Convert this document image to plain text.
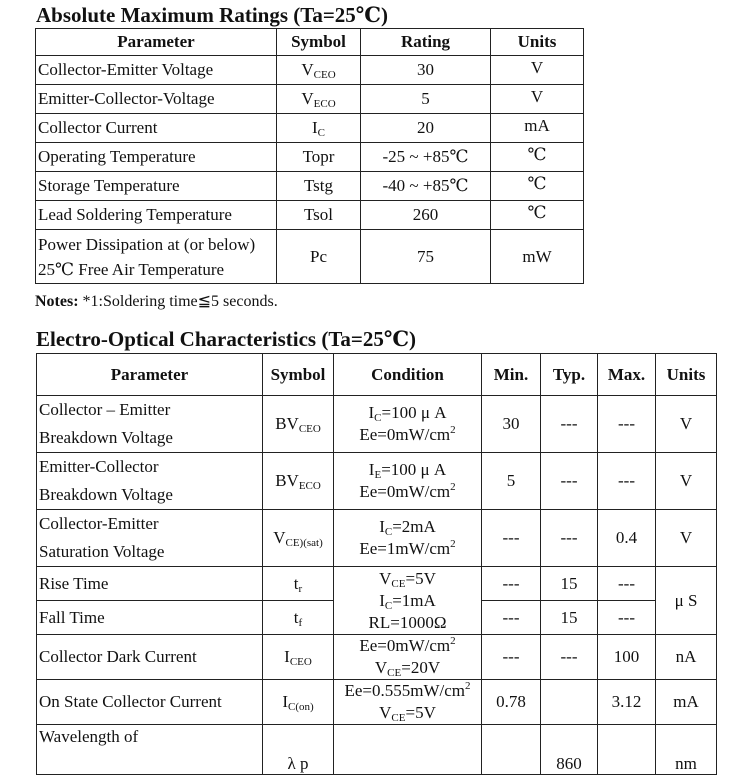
Absolute Maximum Ratings (Ta=25℃)
Parameter	Symbol	Rating	Units
Collector-Emitter Voltage	$V_{CEO}$	30	V
Emitter-Collector-Voltage	$V_{ECO}$	5	V
Collector Current	$I_C$	20	mA
Operating Temperature	Topr	-25 ~ +85℃	℃
Storage Temperature	Tstg	-40 ~ +85℃	℃
Lead Soldering Temperature	Tsol	260	℃
Power Dissipation at (or below)
25℃ Free Air Temperature	Pc	75	mW

Notes: *1:Soldering time≦5 seconds.

Electro-Optical Characteristics (Ta=25℃)
Parameter	Symbol	Condition	Min.	Typ.	Max.	Units
Collector – Emitter
Breakdown Voltage	$BV_{CEO}$	$I_C=100$ μ A
$Ee=0mW/cm^2$	30	---	---	V
Emitter-Collector
Breakdown Voltage	$BV_{ECO}$	$I_E=100$ μ A
$Ee=0mW/cm^2$	5	---	---	V
Collector-Emitter
Saturation Voltage	$V_{CE)(sat)}$	$I_C=2mA$
$Ee=1mW/cm^2$	---	---	0.4	V
Rise Time	$t_r$	$V_{CE}=5V$
$I_C=1mA$
RL=1000Ω	---	15	---	μ S
Fall Time	$t_f$		---	15	---	
Collector Dark Current	$I_{CEO}$	$Ee=0mW/cm^2$
$V_{CE}=20V$	---	---	100	nA
On State Collector Current	$I_{C(on)}$	$Ee=0.555mW/cm^2$
$V_{CE}=5V$	0.78		3.12	mA
Wavelength of	λ p			860		nm
